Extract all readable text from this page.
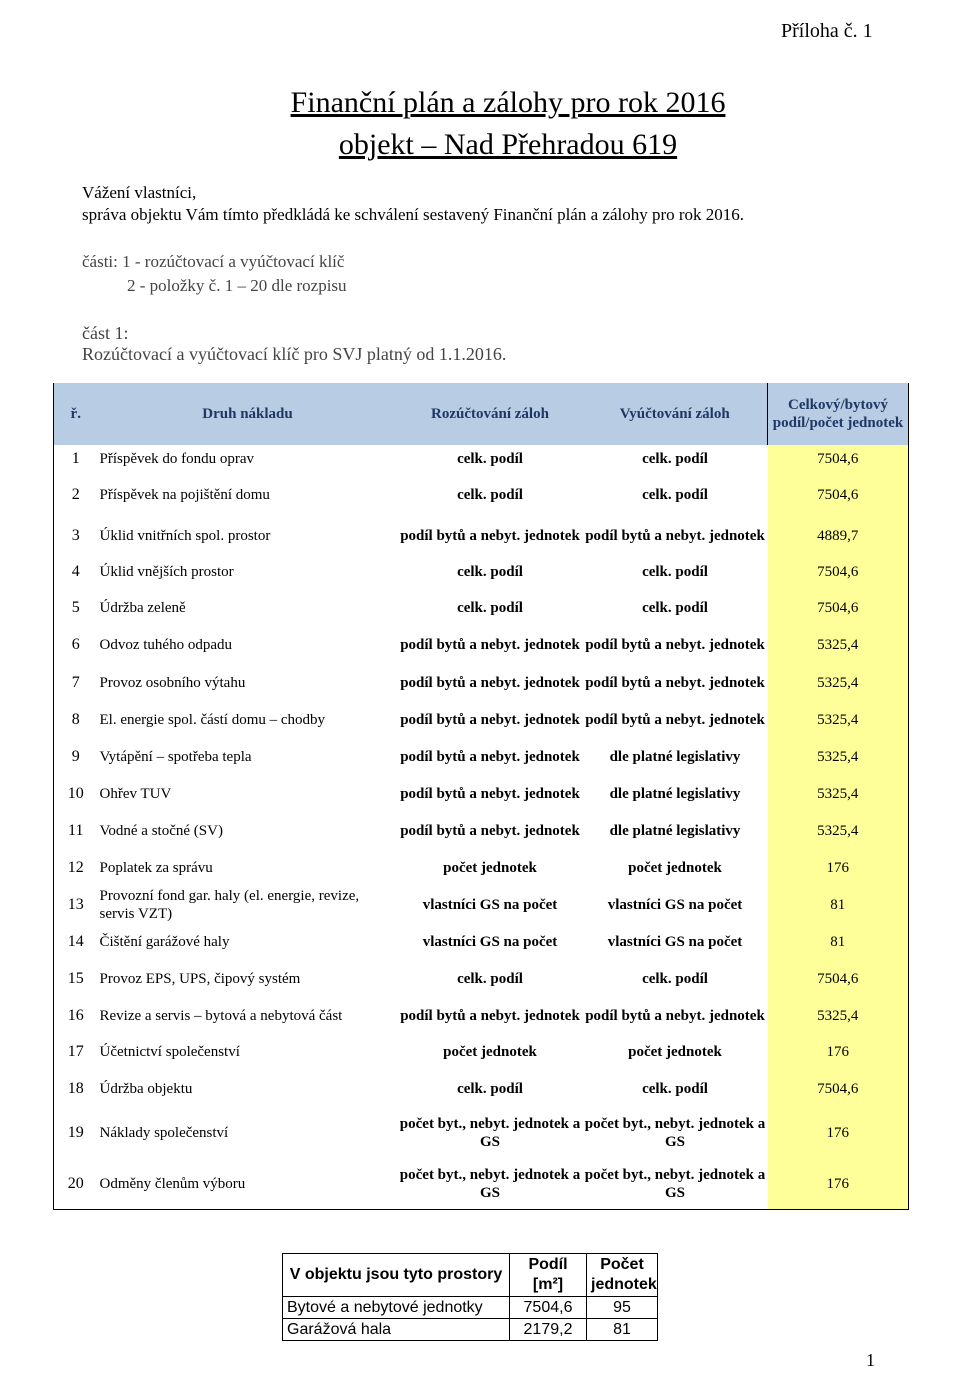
Příloha č. 1
Finanční plán a zálohy pro rok 2016
objekt – Nad Přehradou 619
Vážení vlastníci,
správa objektu Vám tímto předkládá ke schválení sestavený Finanční plán a zálohy pro rok 2016.
části: 1 - rozúčtovací a vyúčtovací klíč
2 - položky č. 1 – 20 dle rozpisu
část 1:
Rozúčtovací a vyúčtovací klíč pro SVJ platný od 1.1.2016.
ř.	Druh nákladu	Rozúčtování záloh	Vyúčtování záloh	Celkový/bytový podíl/počet jednotek
1	Příspěvek do fondu oprav	celk. podíl	celk. podíl	7504,6
2	Příspěvek na pojištění domu	celk. podíl	celk. podíl	7504,6
3	Úklid vnitřních spol. prostor	podíl bytů a nebyt. jednotek	podíl bytů a nebyt. jednotek	4889,7
4	Úklid vnějších prostor	celk. podíl	celk. podíl	7504,6
5	Údržba zeleně	celk. podíl	celk. podíl	7504,6
6	Odvoz tuhého odpadu	podíl bytů a nebyt. jednotek	podíl bytů a nebyt. jednotek	5325,4
7	Provoz osobního výtahu	podíl bytů a nebyt. jednotek	podíl bytů a nebyt. jednotek	5325,4
8	El. energie spol. částí domu – chodby	podíl bytů a nebyt. jednotek	podíl bytů a nebyt. jednotek	5325,4
9	Vytápění – spotřeba tepla	podíl bytů a nebyt. jednotek	dle platné legislativy	5325,4
10	Ohřev TUV	podíl bytů a nebyt. jednotek	dle platné legislativy	5325,4
11	Vodné a stočné (SV)	podíl bytů a nebyt. jednotek	dle platné legislativy	5325,4
12	Poplatek za správu	počet jednotek	počet jednotek	176
13	Provozní fond gar. haly (el. energie, revize, servis VZT)	vlastníci GS na počet	vlastníci GS na počet	81
14	Čištění garážové haly	vlastníci GS na počet	vlastníci GS na počet	81
15	Provoz EPS, UPS, čipový systém	celk. podíl	celk. podíl	7504,6
16	Revize a servis – bytová a nebytová část	podíl bytů a nebyt. jednotek	podíl bytů a nebyt. jednotek	5325,4
17	Účetnictví společenství	počet jednotek	počet jednotek	176
18	Údržba objektu	celk. podíl	celk. podíl	7504,6
19	Náklady společenství	počet byt., nebyt. jednotek a GS	počet byt., nebyt. jednotek a GS	176
20	Odměny členům výboru	počet byt., nebyt. jednotek a GS	počet byt., nebyt. jednotek a GS	176
V objektu jsou tyto prostory	Podíl [m²]	Počet jednotek
Bytové a nebytové jednotky	7504,6	95
Garážová hala	2179,2	81
1
